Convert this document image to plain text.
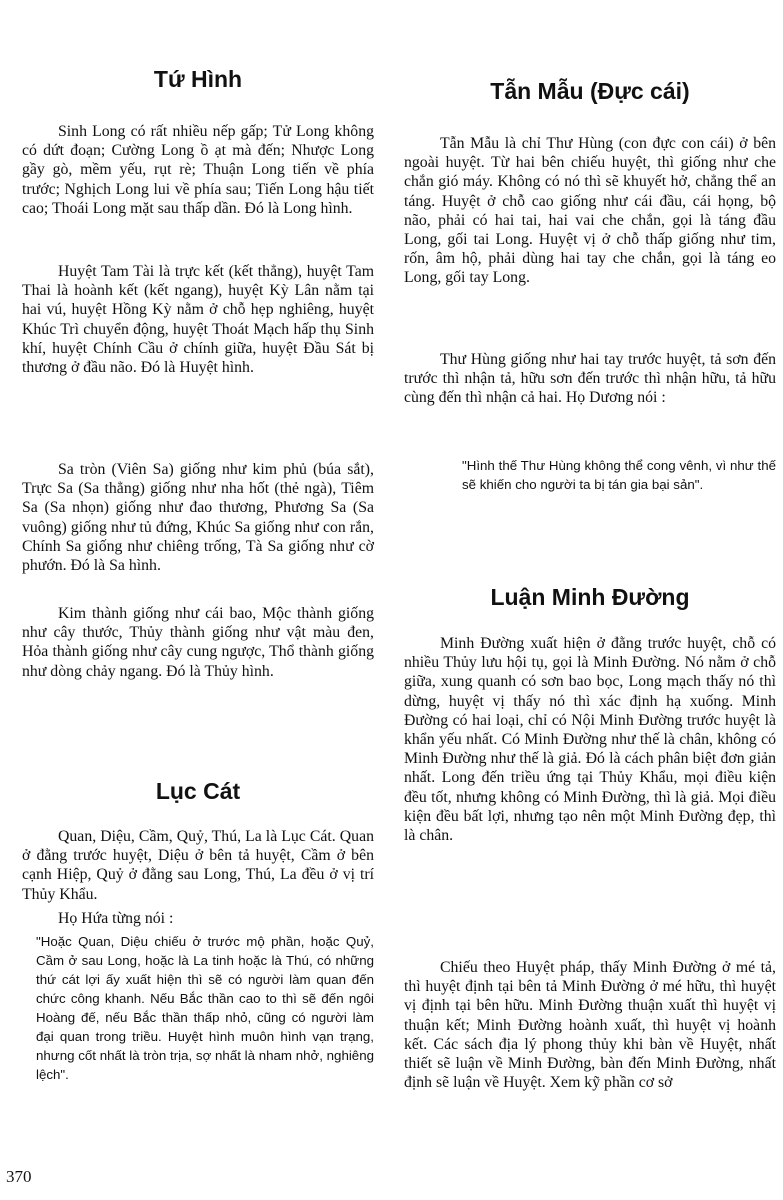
Tứ Hình

Sinh Long có rất nhiều nếp gấp; Tử Long không có dứt đoạn; Cường Long ồ ạt mà đến; Nhược Long gầy gò, mềm yếu, rụt rè; Thuận Long tiến về phía trước; Nghịch Long lui về phía sau; Tiến Long hậu tiết cao; Thoái Long mặt sau thấp dần. Đó là Long hình.

Huyệt Tam Tài là trực kết (kết thẳng), huyệt Tam Thai là hoành kết (kết ngang), huyệt Kỳ Lân nằm tại hai vú, huyệt Hồng Kỳ nằm ở chỗ hẹp nghiêng, huyệt Khúc Trì chuyển động, huyệt Thoát Mạch hấp thụ Sinh khí, huyệt Chính Cầu ở chính giữa, huyệt Đầu Sát bị thương ở đầu não. Đó là Huyệt hình.

Sa tròn (Viên Sa) giống như kim phủ (búa sắt), Trực Sa (Sa thẳng) giống như nha hốt (thẻ ngà), Tiêm Sa (Sa nhọn) giống như đao thương, Phương Sa (Sa vuông) giống như tủ đứng, Khúc Sa giống như con rắn, Chính Sa giống như chiêng trống, Tà Sa giống như cờ phướn. Đó là Sa hình.

Kim thành giống như cái bao, Mộc thành giống như cây thước, Thủy thành giống như vật màu đen, Hỏa thành giống như cây cung ngược, Thổ thành giống như dòng chảy ngang. Đó là Thủy hình.

Lục Cát

Quan, Diệu, Cầm, Quỷ, Thú, La là Lục Cát. Quan ở đằng trước huyệt, Diệu ở bên tả huyệt, Cầm ở bên cạnh Hiệp, Quỷ ở đằng sau Long, Thú, La đều ở vị trí Thủy Khẩu.

Họ Hứa từng nói :

"Hoặc Quan, Diệu chiếu ở trước mộ phần, hoặc Quỷ, Cầm ở sau Long, hoặc là La tinh hoặc là Thú, có những thứ cát lợi ấy xuất hiện thì sẽ có người làm quan đến chức công khanh. Nếu Bắc thần cao to thì sẽ đến ngôi Hoàng đế, nếu Bắc thần thấp nhỏ, cũng có người làm đại quan trong triều. Huyệt hình muôn hình vạn trạng, nhưng cốt nhất là tròn trịa, sợ nhất là nham nhở, nghiêng lệch".

Tẫn Mẫu (Đực cái)

Tẫn Mẫu là chỉ Thư Hùng (con đực con cái) ở bên ngoài huyệt. Từ hai bên chiếu huyệt, thì giống như che chắn gió máy. Không có nó thì sẽ khuyết hở, chẳng thể an táng. Huyệt ở chỗ cao giống như cái đầu, cái họng, bộ não, phải có hai tai, hai vai che chắn, gọi là táng đầu Long, gối tai Long. Huyệt vị ở chỗ thấp giống như tim, rốn, âm hộ, phải dùng hai tay che chắn, gọi là táng eo Long, gối tay Long.

Thư Hùng giống như hai tay trước huyệt, tả sơn đến trước thì nhận tả, hữu sơn đến trước thì nhận hữu, tả hữu cùng đến thì nhận cả hai. Họ Dương nói :

"Hình thế Thư Hùng không thể cong vênh, vì như thế sẽ khiến cho người ta bị tán gia bại sản".

Luận Minh Đường

Minh Đường xuất hiện ở đằng trước huyệt, chỗ có nhiều Thủy lưu hội tụ, gọi là Minh Đường. Nó nằm ở chỗ giữa, xung quanh có sơn bao bọc, Long mạch thấy nó thì dừng, huyệt vị thấy nó thì xác định hạ xuống. Minh Đường có hai loại, chỉ có Nội Minh Đường trước huyệt là khẩn yếu nhất. Có Minh Đường như thế là chân, không có Minh Đường như thế là giả. Đó là cách phân biệt đơn giản nhất. Long đến triều ứng tại Thủy Khẩu, mọi điều kiện đều tốt, nhưng không có Minh Đường, thì là giả. Mọi điều kiện đều bất lợi, nhưng tạo nên một Minh Đường đẹp, thì là chân.

Chiếu theo Huyệt pháp, thấy Minh Đường ở mé tả, thì huyệt định tại bên tả Minh Đường ở mé hữu, thì huyệt vị định tại bên hữu. Minh Đường thuận xuất thì huyệt vị thuận kết; Minh Đường hoành xuất, thì huyệt vị hoành kết. Các sách địa lý phong thủy khi bàn về Huyệt, nhất thiết sẽ luận về Minh Đường, bàn đến Minh Đường, nhất định sẽ luận về Huyệt. Xem kỹ phần cơ sở

370
